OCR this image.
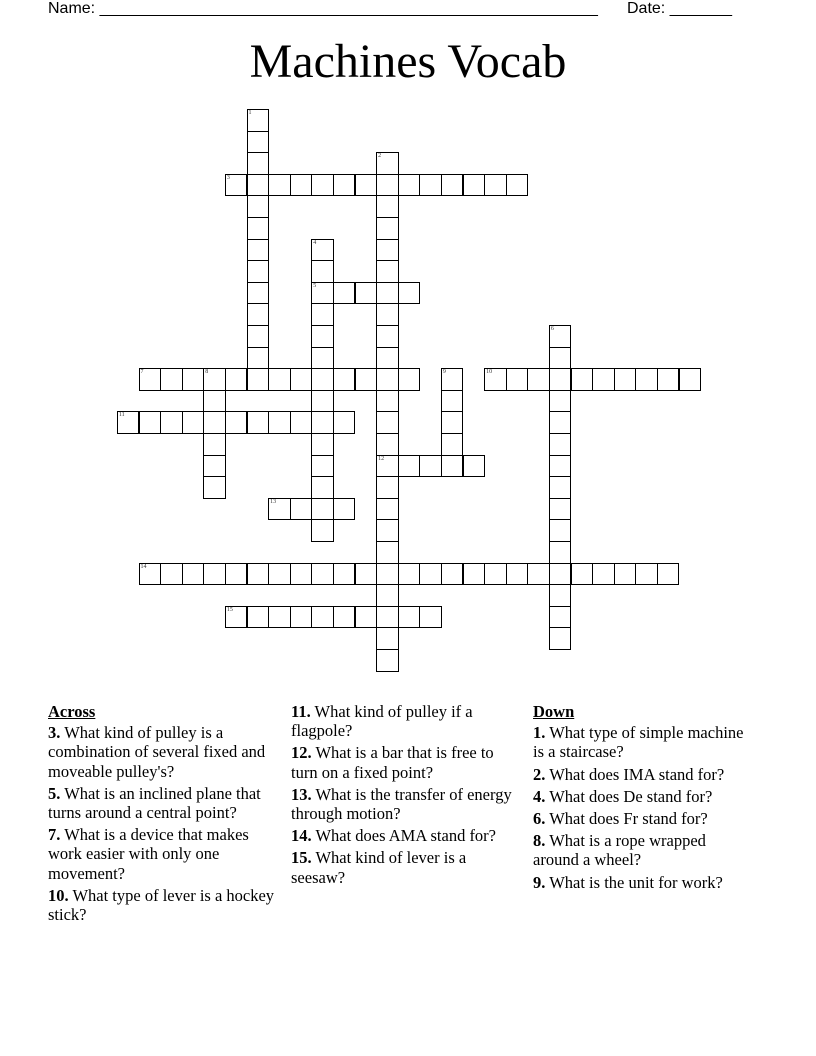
Name: ________________________________________________________ Date: _______
Machines Vocab
1
2
12
3
4
5
6
7	8	9	10
11
13
14
15
Across
3. What kind of pulley is a combination of several fixed and moveable pulley's?
5. What is an inclined plane that turns around a central point?
7. What is a device that makes work easier with only one movement?
10. What type of lever is a hockey stick?
11. What kind of pulley if a flagpole?
12. What is a bar that is free to turn on a fixed point?
13. What is the transfer of energy through motion?
14. What does AMA stand for?
15. What kind of lever is a seesaw?
Down
1. What type of simple machine is a staircase?
2. What does IMA stand for?
4. What does De stand for?
6. What does Fr stand for?
8. What is a rope wrapped around a wheel?
9. What is the unit for work?
